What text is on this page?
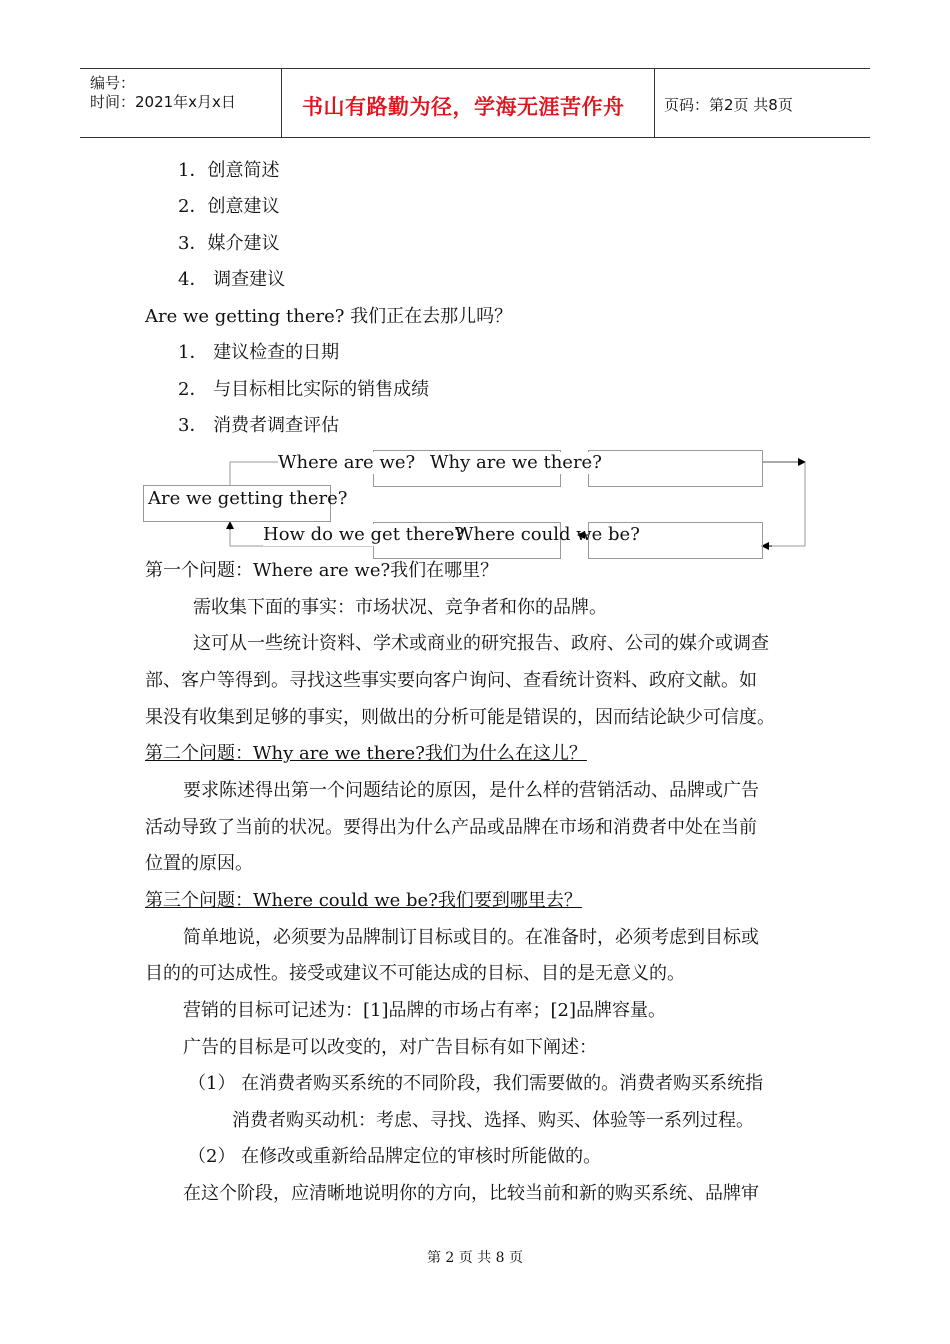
编号：
时间：2021年x月x日	书山有路勤为径，学海无涯苦作舟	页码：第2页 共8页
1．创意简述
2．创意建议
3．媒介建议
4． 调查建议
Are we getting there? 我们正在去那儿吗？
1． 建议检查的日期
2． 与目标相比实际的销售成绩
3． 消费者调查评估
Where are we? Why are we there?
Are we getting there?
How do we get there?
Where could we be?
第一个问题：Where are we?我们在哪里？
需收集下面的事实：市场状况、竞争者和你的品牌。
这可从一些统计资料、学术或商业的研究报告、政府、公司的媒介或调查
部、客户等得到。寻找这些事实要向客户询问、查看统计资料、政府文献。如
果没有收集到足够的事实，则做出的分析可能是错误的，因而结论缺少可信度。
第二个问题：Why are we there?我们为什么在这儿？
要求陈述得出第一个问题结论的原因，是什么样的营销活动、品牌或广告
活动导致了当前的状况。要得出为什么产品或品牌在市场和消费者中处在当前
位置的原因。
第三个问题：Where could we be?我们要到哪里去？
简单地说，必须要为品牌制订目标或目的。在准备时，必须考虑到目标或
目的的可达成性。接受或建议不可能达成的目标、目的是无意义的。
营销的目标可记述为：[1]品牌的市场占有率；[2]品牌容量。
广告的目标是可以改变的，对广告目标有如下阐述：
（1） 在消费者购买系统的不同阶段，我们需要做的。消费者购买系统指
消费者购买动机：考虑、寻找、选择、购买、体验等一系列过程。
（2） 在修改或重新给品牌定位的审核时所能做的。
在这个阶段，应清晰地说明你的方向，比较当前和新的购买系统、品牌审
第 2 页 共 8 页
